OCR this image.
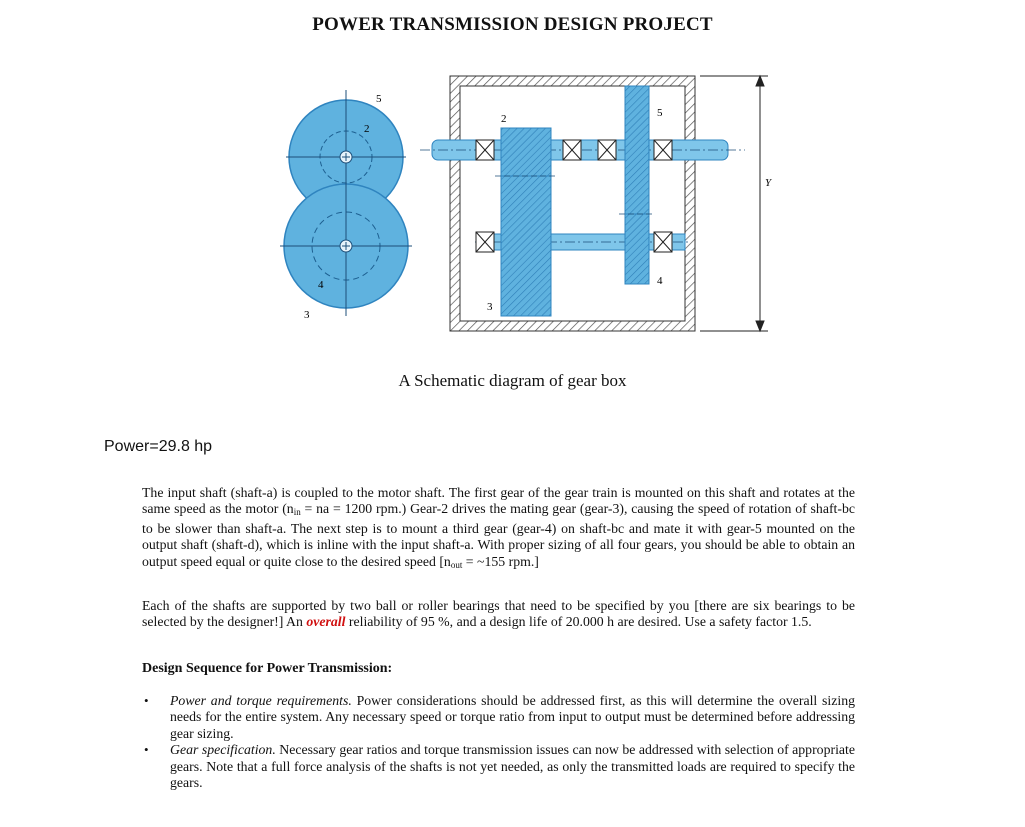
POWER TRANSMISSION DESIGN PROJECT
5
2
4
3
2	5
3
4
Y
A Schematic diagram of gear box
Power=29.8 hp
The input shaft (shaft-a) is coupled to the motor shaft. The first gear of the gear train is mounted on this shaft and rotates at the same speed as the motor ($n_{in}$ = na = 1200 rpm.) Gear-2 drives the mating gear (gear-3), causing the speed of rotation of shaft-bc to be slower than shaft-a. The next step is to mount a third gear (gear-4) on shaft-bc and mate it with gear-5 mounted on the output shaft (shaft-d), which is inline with the input shaft-a. With proper sizing of all four gears, you should be able to obtain an output speed equal or quite close to the desired speed [$n_{out}$ = ~155 rpm.]
Each of the shafts are supported by two ball or roller bearings that need to be specified by you [there are six bearings to be selected by the designer!] An overall reliability of 95 %, and a design life of 20.000 h are desired. Use a safety factor 1.5.
Design Sequence for Power Transmission:
• Power and torque requirements. Power considerations should be addressed first, as this will determine the overall sizing needs for the entire system. Any necessary speed or torque ratio from input to output must be determined before addressing gear sizing.
• Gear specification. Necessary gear ratios and torque transmission issues can now be addressed with selection of appropriate gears. Note that a full force analysis of the shafts is not yet needed, as only the transmitted loads are required to specify the gears.
